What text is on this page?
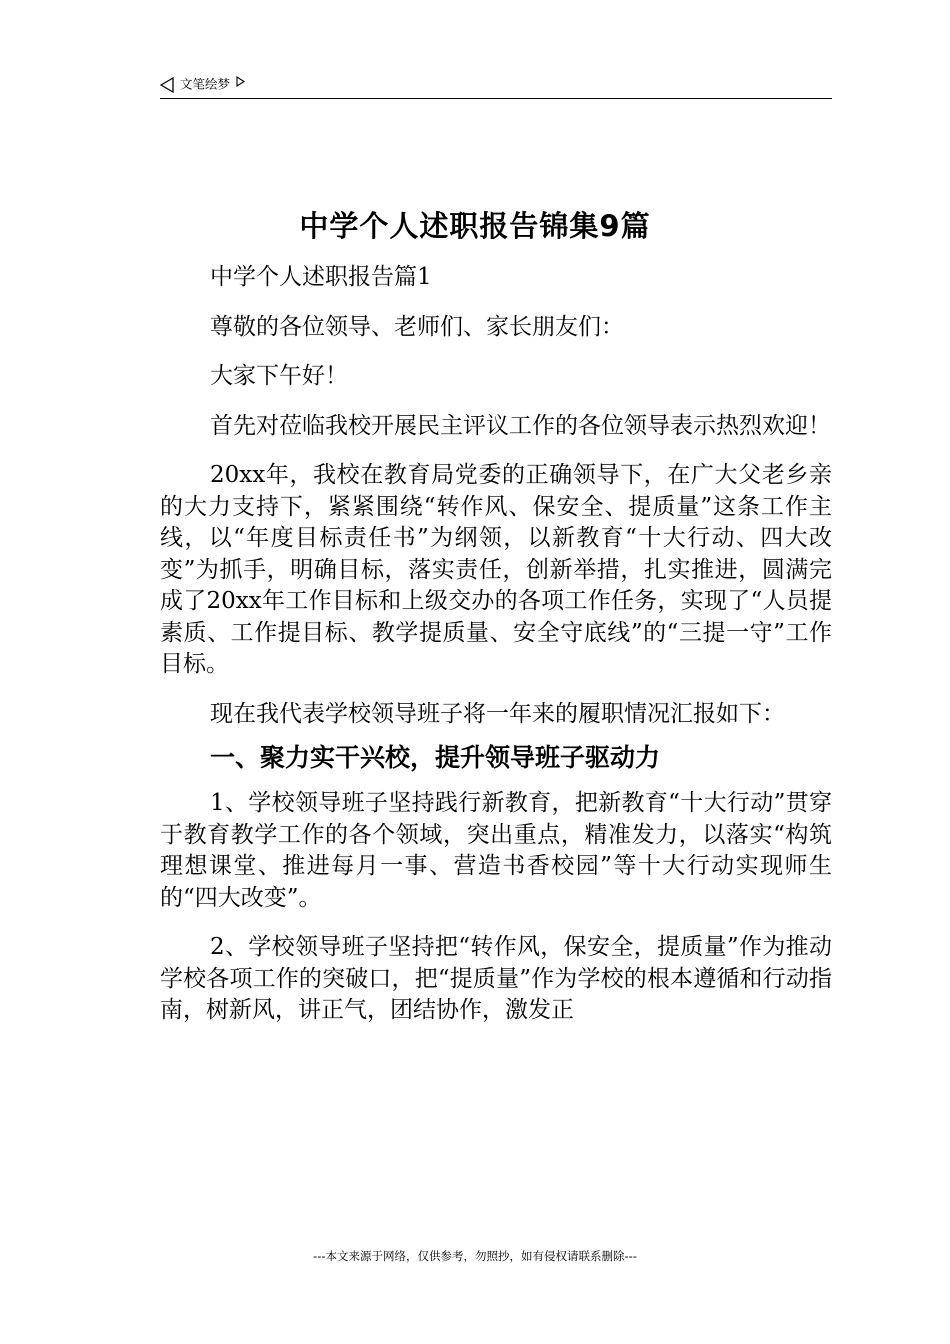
文笔绘梦
中学个人述职报告锦集9篇

中学个人述职报告篇1

尊敬的各位领导、老师们、家长朋友们：

大家下午好！

首先对莅临我校开展民主评议工作的各位领导表示热烈欢迎！

20xx年，我校在教育局党委的正确领导下，在广大父老乡亲的大力支持下，紧紧围绕“转作风、保安全、提质量”这条工作主线，以“年度目标责任书”为纲领，以新教育“十大行动、四大改变”为抓手，明确目标，落实责任，创新举措，扎实推进，圆满完成了20xx年工作目标和上级交办的各项工作任务，实现了“人员提素质、工作提目标、教学提质量、安全守底线”的“三提一守”工作目标。

现在我代表学校领导班子将一年来的履职情况汇报如下：

一、聚力实干兴校，提升领导班子驱动力

1、学校领导班子坚持践行新教育，把新教育“十大行动”贯穿于教育教学工作的各个领域，突出重点，精准发力，以落实“构筑理想课堂、推进每月一事、营造书香校园”等十大行动实现师生的“四大改变”。

2、学校领导班子坚持把“转作风，保安全，提质量”作为推动学校各项工作的突破口，把“提质量”作为学校的根本遵循和行动指南，树新风，讲正气，团结协作，激发正

---本文来源于网络，仅供参考，勿照抄，如有侵权请联系删除---
